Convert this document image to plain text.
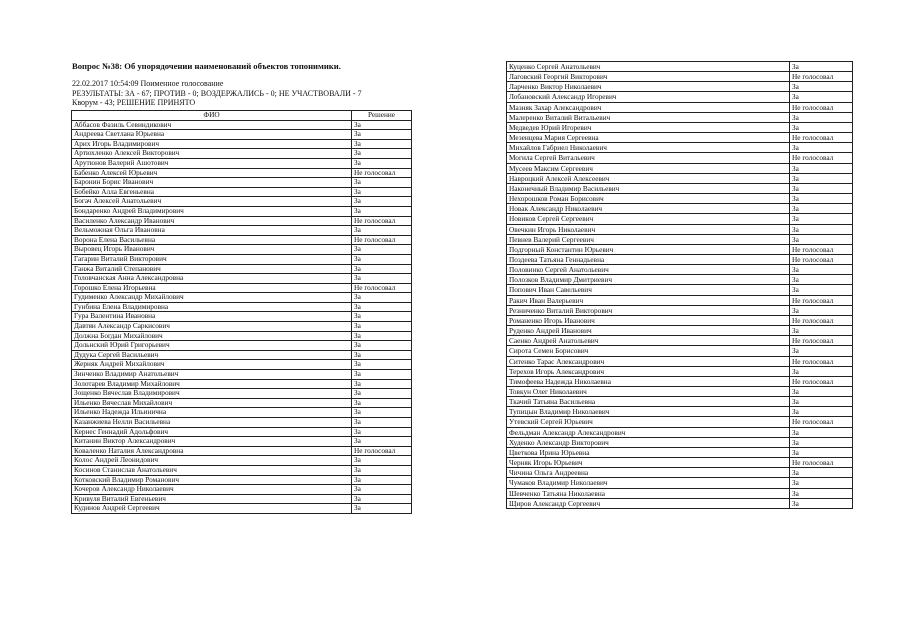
Вопрос №38: Об упорядочении наименований объектов топонимики.
22.02.2017 10:54:09 Поименное голосование
РЕЗУЛЬТАТЫ: ЗА - 67; ПРОТИВ - 0; ВОЗДЕРЖАЛИСЬ - 0; НЕ УЧАСТВОВАЛИ - 7
Кворум - 43; РЕШЕНИЕ ПРИНЯТО
ФИО	Решение
Аббасов Фазиль Севиндикович	За
Андреева Светлана Юрьевна	За
Арих Игорь Владимирович	За
Артюхленко Алексей Викторович	За
Арутюнов Валерий Ашотович	За
Бабенко Алексей Юрьевич	Не голосовал
Баронин Борис Иванович	За
Бобейко Алла Евгеньевна	За
Богач Алексей Анатольевич	За
Бондаренко Андрей Владимирович	За
Василенко Александр Иванович	Не голосовал
Вельможная Ольга Ивановна	За
Ворона Елена Васильевна	Не голосовал
Выровец Игорь Иванович	За
Гагарин Виталий Викторович	За
Ганжа Виталий Степанович	За
Головчанская Анна Александровна	За
Горошко Елена Игорьевна	Не голосовал
Гудименко Александр Михайлович	За
Гунбина Елена Владимировна	За
Гура Валентина Ивановна	За
Давтян Александр Саркисович	За
Должна Богдан Михайлович	За
Дольнский Юрий Григорьевич	За
Дудука Сергей Васильевич	За
Жерняк Андрей Михайлович	За
Зинченко Владимир Анатольевич	За
Золотарев Владимир Михайлович	За
Зощенко Вячеслав Владимирович	За
Ильенко Вячеслав Михайлович	За
Ильенко Надежда Ильинична	За
Казанжиева Нелли Васильевна	За
Кернес Геннадий Адольфович	За
Китанин Виктор Александрович	За
Коваленко Наталия Александровна	Не голосовал
Колос Андрей Леонидович	За
Косинов Станислав Анатольевич	За
Котковский Владимир Романович	За
Кочеров Александр Николаевич	За
Кривуля Виталий Евгеньевич	За
Кудинов Андрей Сергеевич	За
Куценко Сергей Анатольевич	За
Лаговский Георгий Викторович	Не голосовал
Ларченко Виктор Николаевич	За
Лобановский Александр Игоревич	За
Мазняк Захар Александрович	Не голосовал
Малеренко Виталий Витальевич	За
Медведев Юрий Игоревич	За
Мезенцева Мария Сергеевна	Не голосовал
Михайлов Габриел Николаевич	За
Могила Сергей Витальевич	Не голосовал
Мусеев Максим Сергеевич	За
Навроцкий Алексей Алексеевич	За
Наконечный Владимир Васильевич	За
Нехорошков Роман Борисович	За
Новак Александр Николаевич	За
Новиков Сергей Сергеевич	За
Овечкин Игорь Николаевич	За
Певнев Валерий Сергеевич	За
Подгорный Константин Юрьевич	Не голосовал
Поздеева Татьяна Геннадьевна	Не голосовал
Половинко Сергей Анатольевич	За
Полозков Владимир Дмитриевич	За
Попович Иван Савельевич	За
Ракич Иван Валерьевич	Не голосовал
Резниченко Виталий Викторович	За
Романенко Игорь Иванович	Не голосовал
Руденко Андрей Иванович	За
Саенко Андрей Анатольевич	Не голосовал
Сирота Семен Борисович	За
Ситенко Тарас Александрович	Не голосовал
Терехов Игорь Александрович	За
Тимофеева Надежда Николаевна	Не голосовал
Товкун Олег Николаевич	За
Ткачий Татьяна Васильевна	За
Тупицын Владимир Николаевич	За
Утевский Сергей Юрьевич	Не голосовал
Фельдман Александр Александрович	За
Худенко Александр Викторович	За
Цветкова Ирина Юрьевна	За
Черняк Игорь Юрьевич	Не голосовал
Чичина Ольга Андреевна	За
Чумаков Владимир Николаевич	За
Шевченко Татьяна Николаевна	За
Щиров Александр Сергеевич	За
